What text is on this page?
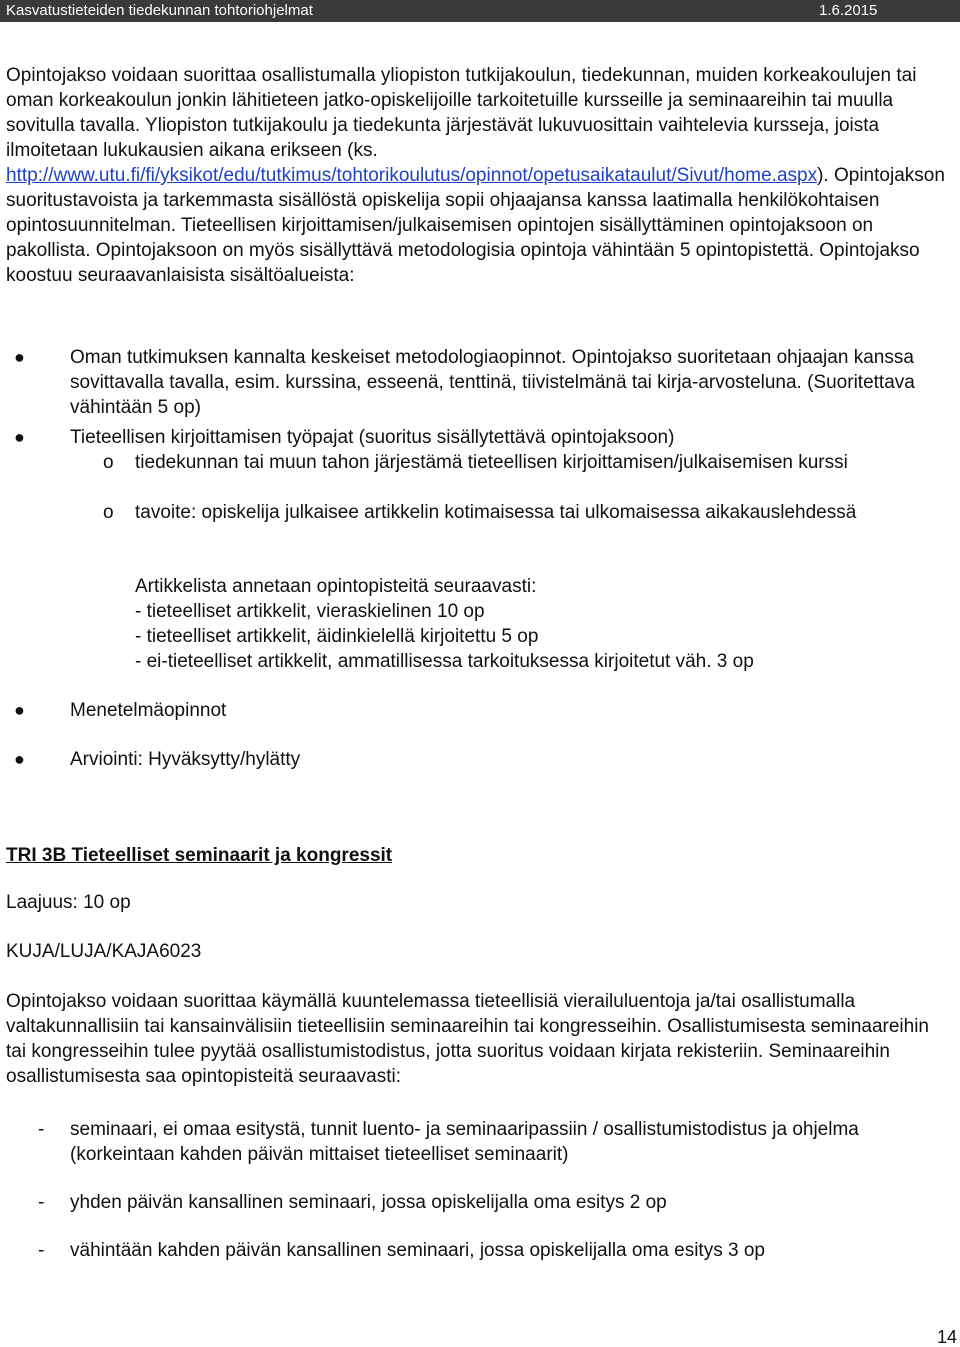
Kasvatustieteiden tiedekunnan tohtoriohjelmat	1.6.2015

Opintojakso voidaan suorittaa osallistumalla yliopiston tutkijakoulun, tiedekunnan, muiden korkeakoulujen tai oman korkeakoulun jonkin lähitieteen jatko-opiskelijoille tarkoitetuille kursseille ja seminaareihin tai muulla sovitulla tavalla. Yliopiston tutkijakoulu ja tiedekunta järjestävät lukuvuosittain vaihtelevia kursseja, joista ilmoitetaan lukukausien aikana erikseen (ks. http://www.utu.fi/fi/yksikot/edu/tutkimus/tohtorikoulutus/opinnot/opetusaikataulut/Sivut/home.aspx). Opintojakson suoritustavoista ja tarkemmasta sisällöstä opiskelija sopii ohjaajansa kanssa laatimalla henkilökohtaisen opintosuunnitelman. Tieteellisen kirjoittamisen/julkaisemisen opintojen sisällyttäminen opintojaksoon on pakollista. Opintojaksoon on myös sisällyttävä metodologisia opintoja vähintään 5 opintopistettä. Opintojakso koostuu seuraavanlaisista sisältöalueista:

● Oman tutkimuksen kannalta keskeiset metodologiaopinnot. Opintojakso suoritetaan ohjaajan kanssa sovittavalla tavalla, esim. kurssina, esseenä, tenttinä, tiivistelmänä tai kirja-arvosteluna. (Suoritettava vähintään 5 op)

● Tieteellisen kirjoittamisen työpajat (suoritus sisällytettävä opintojaksoon)

o tiedekunnan tai muun tahon järjestämä tieteellisen kirjoittamisen/julkaisemisen kurssi

o tavoite: opiskelija julkaisee artikkelin kotimaisessa tai ulkomaisessa aikakauslehdessä

Artikkelista annetaan opintopisteitä seuraavasti:

- tieteelliset artikkelit, vieraskielinen 10 op

- tieteelliset artikkelit, äidinkielellä kirjoitettu 5 op

- ei-tieteelliset artikkelit, ammatillisessa tarkoituksessa kirjoitetut väh. 3 op

● Menetelmäopinnot

● Arviointi: Hyväksytty/hylätty

TRI 3B Tieteelliset seminaarit ja kongressit

Laajuus: 10 op

KUJA/LUJA/KAJA6023

Opintojakso voidaan suorittaa käymällä kuuntelemassa tieteellisiä vierailuluentoja ja/tai osallistumalla valtakunnallisiin tai kansainvälisiin tieteellisiin seminaareihin tai kongresseihin. Osallistumisesta seminaareihin tai kongresseihin tulee pyytää osallistumistodistus, jotta suoritus voidaan kirjata rekisteriin. Seminaareihin osallistumisesta saa opintopisteitä seuraavasti:

- seminaari, ei omaa esitystä, tunnit luento- ja seminaaripassiin / osallistumistodistus ja ohjelma (korkeintaan kahden päivän mittaiset tieteelliset seminaarit)

- yhden päivän kansallinen seminaari, jossa opiskelijalla oma esitys 2 op

- vähintään kahden päivän kansallinen seminaari, jossa opiskelijalla oma esitys 3 op

14
